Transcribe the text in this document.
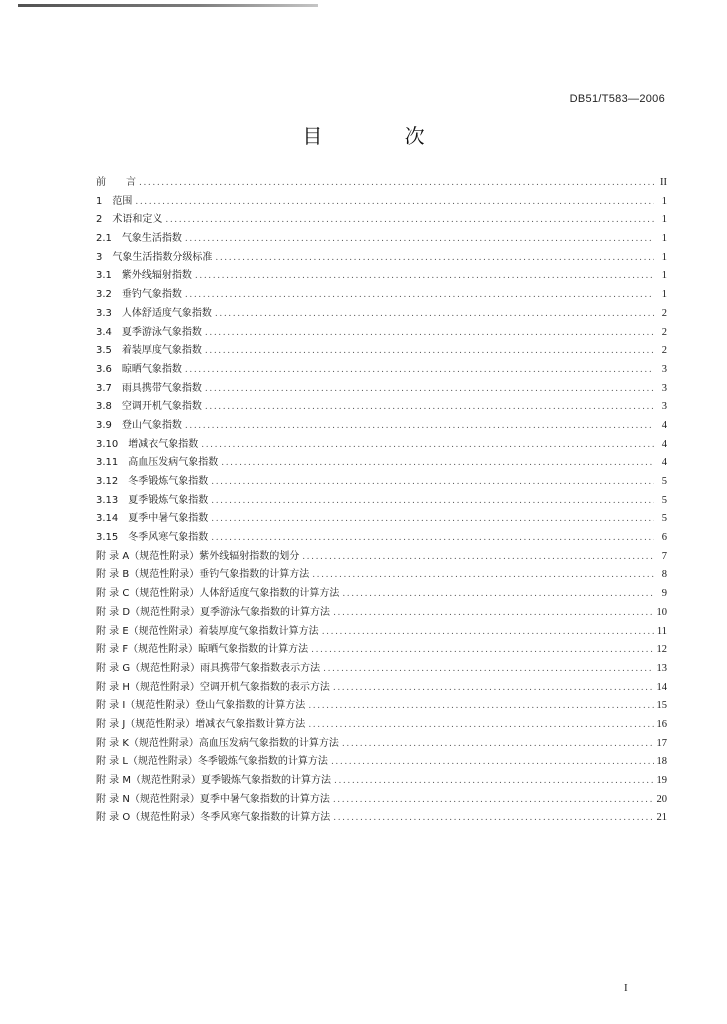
DB51/T583—2006
目 次
前　　言 .....	II
1　范围 .....	1
2　术语和定义 .....	1
2.1　气象生活指数 .....	1
3　气象生活指数分级标准 .....	1
3.1　紫外线辐射指数 .....	1
3.2　垂钓气象指数 .....	1
3.3　人体舒适度气象指数 .....	2
3.4　夏季游泳气象指数 .....	2
3.5　着装厚度气象指数 .....	2
3.6　晾晒气象指数 .....	3
3.7　雨具携带气象指数 .....	3
3.8　空调开机气象指数 .....	3
3.9　登山气象指数 .....	4
3.10　增减衣气象指数 .....	4
3.11　高血压发病气象指数 .....	4
3.12　冬季锻炼气象指数 .....	5
3.13　夏季锻炼气象指数 .....	5
3.14　夏季中暑气象指数 .....	5
3.15　冬季风寒气象指数 .....	6
附 录 A（规范性附录）紫外线辐射指数的划分 .....	7
附 录 B（规范性附录）垂钓气象指数的计算方法 .....	8
附 录 C（规范性附录）人体舒适度气象指数的计算方法 .....	9
附 录 D（规范性附录）夏季游泳气象指数的计算方法 .....	10
附 录 E（规范性附录）着装厚度气象指数计算方法 .....	11
附 录 F（规范性附录）晾晒气象指数的计算方法 .....	12
附 录 G（规范性附录）雨具携带气象指数表示方法 .....	13
附 录 H（规范性附录）空调开机气象指数的表示方法 .....	14
附 录 I（规范性附录）登山气象指数的计算方法 .....	15
附 录 J（规范性附录）增减衣气象指数计算方法 .....	16
附 录 K（规范性附录）高血压发病气象指数的计算方法 .....	17
附 录 L（规范性附录）冬季锻炼气象指数的计算方法 .....	18
附 录 M（规范性附录）夏季锻炼气象指数的计算方法 .....	19
附 录 N（规范性附录）夏季中暑气象指数的计算方法 .....	20
附 录 O（规范性附录）冬季风寒气象指数的计算方法 .....	21
I
